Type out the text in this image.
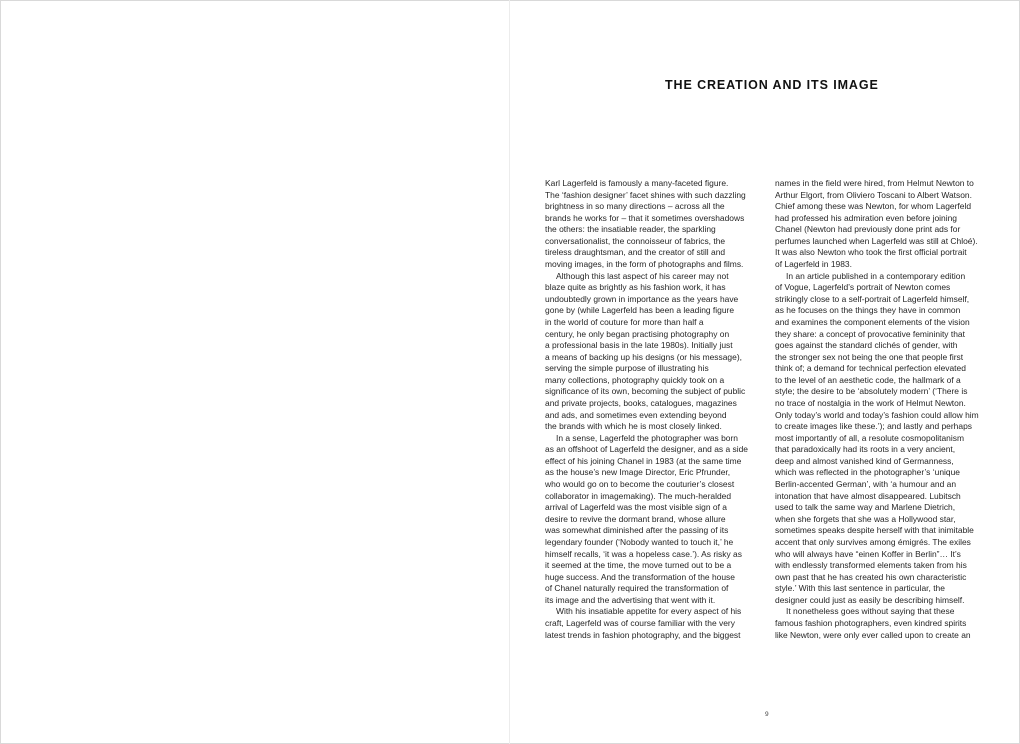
THE CREATION AND ITS IMAGE
Karl Lagerfeld is famously a many-faceted figure.
The ‘fashion designer’ facet shines with such dazzling
brightness in so many directions – across all the
brands he works for – that it sometimes overshadows
the others: the insatiable reader, the sparkling
conversationalist, the connoisseur of fabrics, the
tireless draughtsman, and the creator of still and
moving images, in the form of photographs and films.
Although this last aspect of his career may not
blaze quite as brightly as his fashion work, it has
undoubtedly grown in importance as the years have
gone by (while Lagerfeld has been a leading figure
in the world of couture for more than half a
century, he only began practising photography on
a professional basis in the late 1980s). Initially just
a means of backing up his designs (or his message),
serving the simple purpose of illustrating his
many collections, photography quickly took on a
significance of its own, becoming the subject of public
and private projects, books, catalogues, magazines
and ads, and sometimes even extending beyond
the brands with which he is most closely linked.
In a sense, Lagerfeld the photographer was born
as an offshoot of Lagerfeld the designer, and as a side
effect of his joining Chanel in 1983 (at the same time
as the house’s new Image Director, Eric Pfrunder,
who would go on to become the couturier’s closest
collaborator in imagemaking). The much-heralded
arrival of Lagerfeld was the most visible sign of a
desire to revive the dormant brand, whose allure
was somewhat diminished after the passing of its
legendary founder (‘Nobody wanted to touch it,’ he
himself recalls, ‘it was a hopeless case.’). As risky as
it seemed at the time, the move turned out to be a
huge success. And the transformation of the house
of Chanel naturally required the transformation of
its image and the advertising that went with it.
With his insatiable appetite for every aspect of his
craft, Lagerfeld was of course familiar with the very
latest trends in fashion photography, and the biggest
names in the field were hired, from Helmut Newton to
Arthur Elgort, from Oliviero Toscani to Albert Watson.
Chief among these was Newton, for whom Lagerfeld
had professed his admiration even before joining
Chanel (Newton had previously done print ads for
perfumes launched when Lagerfeld was still at Chloé).
It was also Newton who took the first official portrait
of Lagerfeld in 1983.
In an article published in a contemporary edition
of Vogue, Lagerfeld’s portrait of Newton comes
strikingly close to a self-portrait of Lagerfeld himself,
as he focuses on the things they have in common
and examines the component elements of the vision
they share: a concept of provocative femininity that
goes against the standard clichés of gender, with
the stronger sex not being the one that people first
think of; a demand for technical perfection elevated
to the level of an aesthetic code, the hallmark of a
style; the desire to be ‘absolutely modern’ (‘There is
no trace of nostalgia in the work of Helmut Newton.
Only today’s world and today’s fashion could allow him
to create images like these.’); and lastly and perhaps
most importantly of all, a resolute cosmopolitanism
that paradoxically had its roots in a very ancient,
deep and almost vanished kind of Germanness,
which was reflected in the photographer’s ‘unique
Berlin-accented German’, with ‘a humour and an
intonation that have almost disappeared. Lubitsch
used to talk the same way and Marlene Dietrich,
when she forgets that she was a Hollywood star,
sometimes speaks despite herself with that inimitable
accent that only survives among émigrés. The exiles
who will always have “einen Koffer in Berlin”… It’s
with endlessly transformed elements taken from his
own past that he has created his own characteristic
style.’ With this last sentence in particular, the
designer could just as easily be describing himself.
It nonetheless goes without saying that these
famous fashion photographers, even kindred spirits
like Newton, were only ever called upon to create an
9
